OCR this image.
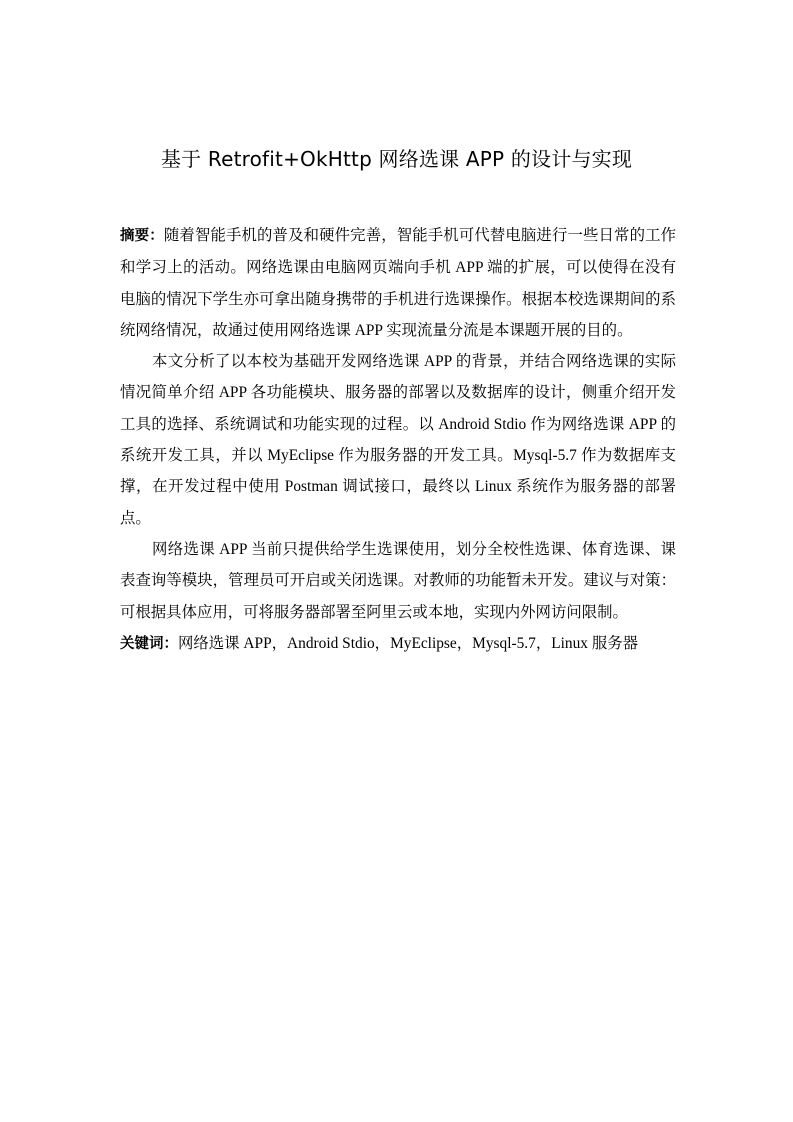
基于 Retrofit+OkHttp 网络选课 APP 的设计与实现

摘要：随着智能手机的普及和硬件完善，智能手机可代替电脑进行一些日常的工作和学习上的活动。网络选课由电脑网页端向手机 APP 端的扩展，可以使得在没有电脑的情况下学生亦可拿出随身携带的手机进行选课操作。根据本校选课期间的系统网络情况，故通过使用网络选课 APP 实现流量分流是本课题开展的目的。

本文分析了以本校为基础开发网络选课 APP 的背景，并结合网络选课的实际情况简单介绍 APP 各功能模块、服务器的部署以及数据库的设计，侧重介绍开发工具的选择、系统调试和功能实现的过程。以 Android Stdio 作为网络选课 APP 的系统开发工具，并以 MyEclipse 作为服务器的开发工具。Mysql-5.7 作为数据库支撑，在开发过程中使用 Postman 调试接口，最终以 Linux 系统作为服务器的部署点。

网络选课 APP 当前只提供给学生选课使用，划分全校性选课、体育选课、课表查询等模块，管理员可开启或关闭选课。对教师的功能暂未开发。建议与对策：可根据具体应用，可将服务器部署至阿里云或本地，实现内外网访问限制。

关键词：网络选课 APP，Android Stdio，MyEclipse，Mysql-5.7，Linux 服务器
